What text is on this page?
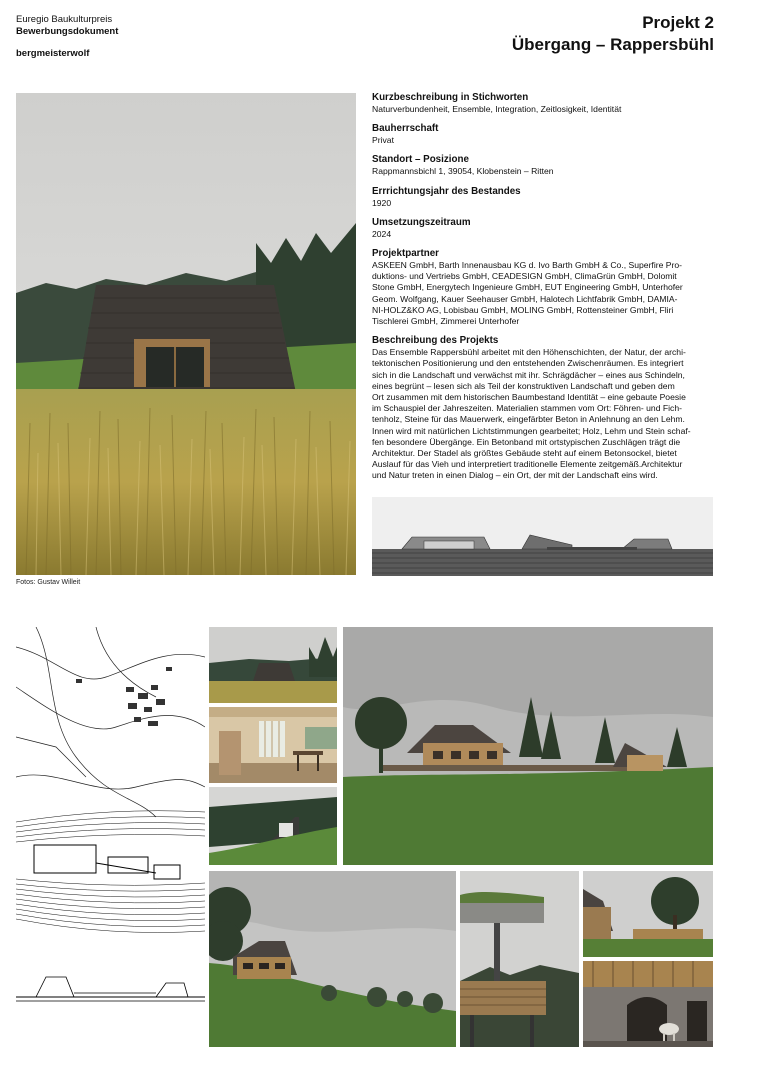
Euregio Baukulturpreis
Bewerbungsdokument
bergmeisterwolf
Projekt 2
Übergang – Rappersbühl
Kurzbeschreibung in Stichworten
Naturverbundenheit, Ensemble, Integration, Zeitlosigkeit, Identität
Bauherrschaft
Privat
Standort – Posizione
Rappmannsbichl 1, 39054, Klobenstein – Ritten
Errrichtungsjahr des Bestandes
1920
Umsetzungszeitraum
2024
Projektpartner
ASKEEN GmbH, Barth Innenausbau KG d. Ivo Barth GmbH & Co., Superfire Pro-
duktions- und Vertriebs GmbH, CEADESIGN GmbH, ClimaGrün GmbH, Dolomit
Stone GmbH, Energytech Ingenieure GmbH, EUT Engineering GmbH, Unterhofer
Geom. Wolfgang, Kauer Seehauser GmbH, Halotech Lichtfabrik GmbH, DAMIA-
NI-HOLZ&KO AG, Lobisbau GmbH, MOLING GmbH, Rottensteiner GmbH, Fliri
Tischlerei GmbH, Zimmerei Unterhofer
Beschreibung des Projekts
Das Ensemble Rappersbühl arbeitet mit den Höhenschichten, der Natur, der archi-
tektonischen Positionierung und den entstehenden Zwischenräumen. Es integriert
sich in die Landschaft und verwächst mit ihr. Schrägdächer – eines aus Schindeln,
eines begrünt – lesen sich als Teil der konstruktiven Landschaft und geben dem
Ort zusammen mit dem historischen Baumbestand Identität – eine gebaute Poesie
im Schauspiel der Jahreszeiten. Materialien stammen vom Ort: Föhren- und Fich-
tenholz, Steine für das Mauerwerk, eingefärbter Beton in Anlehnung an den Lehm.
Innen wird mit natürlichen Lichtstimmungen gearbeitet; Holz, Lehm und Stein schaf-
fen besondere Übergänge. Ein Betonband mit ortstypischen Zuschlägen trägt die
Architektur. Der Stadel als größtes Gebäude steht auf einem Betonsockel, bietet
Auslauf für das Vieh und interpretiert traditionelle Elemente zeitgemäß.Architektur
und Natur treten in einen Dialog – ein Ort, der mit der Landschaft eins wird.
Fotos: Gustav Willeit
